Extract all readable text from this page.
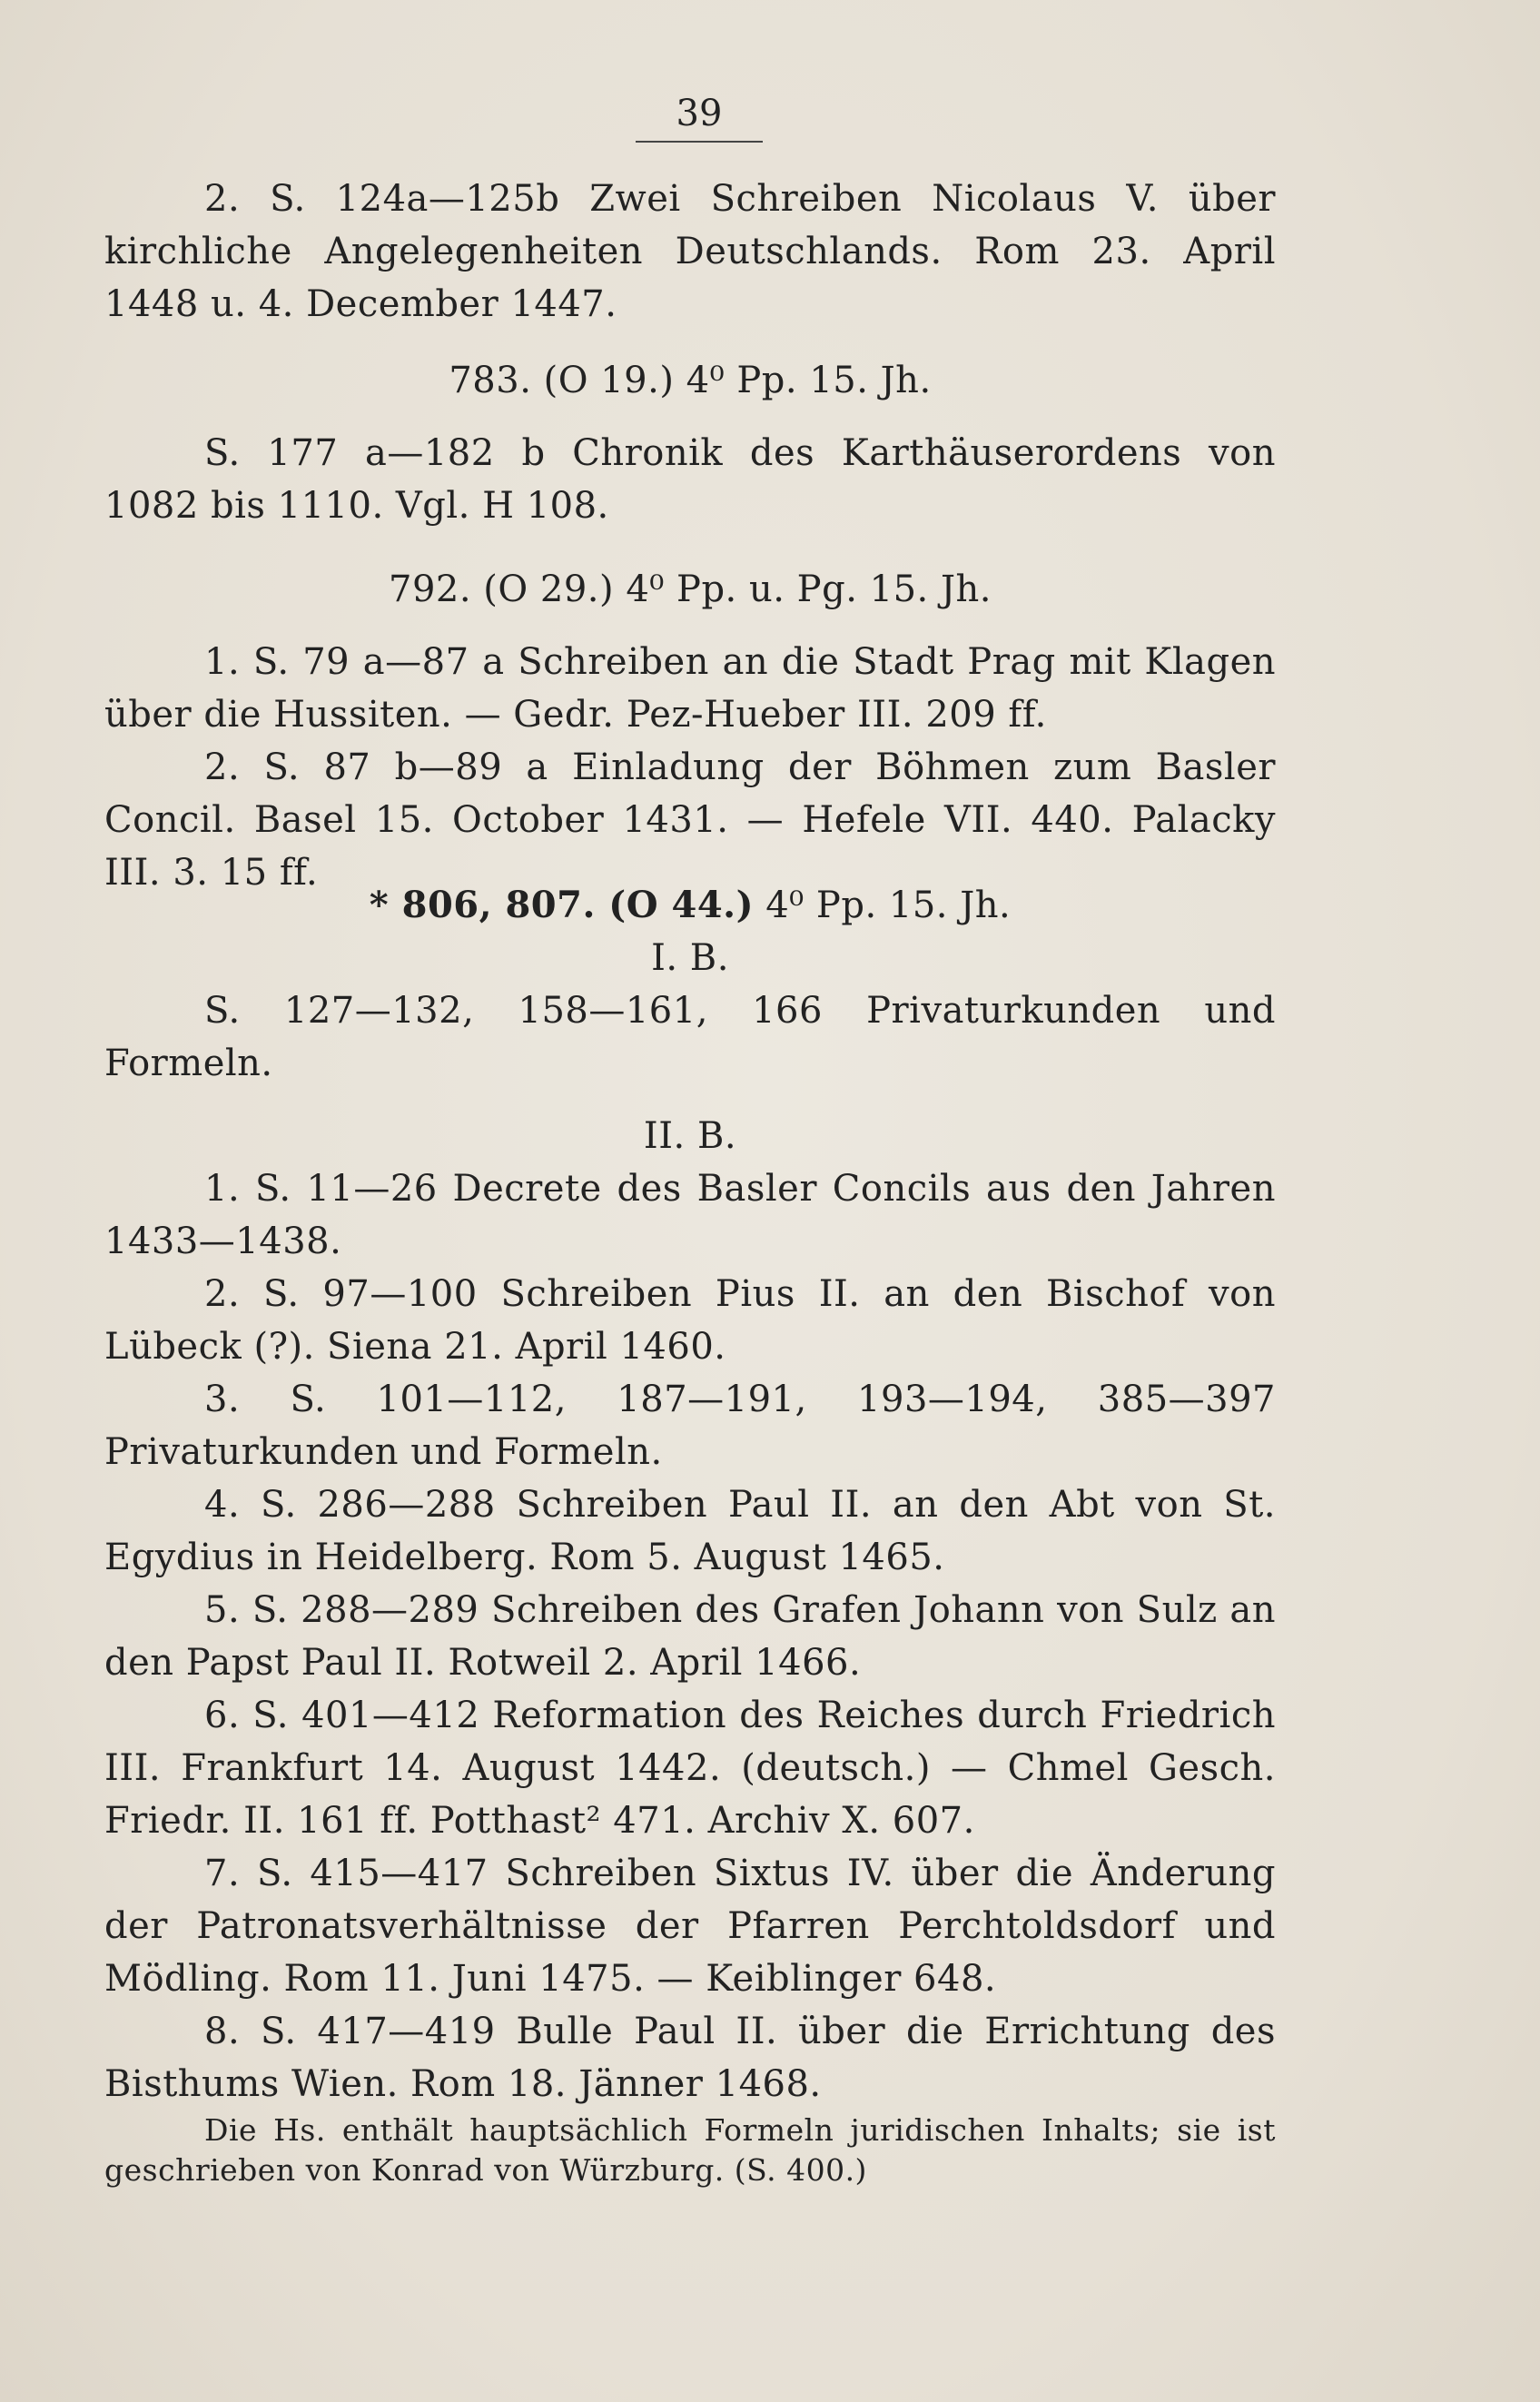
39

2. S. 124a—125b Zwei Schreiben Nicolaus V. über kirchliche Angelegenheiten Deutschlands. Rom 23. April 1448 u. 4. December 1447.

783. (O 19.) 4⁰ Pp. 15. Jh.

S. 177 a—182 b Chronik des Karthäuserordens von 1082 bis 1110. Vgl. H 108.

792. (O 29.) 4⁰ Pp. u. Pg. 15. Jh.

1. S. 79 a—87 a Schreiben an die Stadt Prag mit Klagen über die Hussiten. — Gedr. Pez-Hueber III. 209 ff.

2. S. 87 b—89 a Einladung der Böhmen zum Basler Concil. Basel 15. October 1431. — Hefele VII. 440. Palacky III. 3. 15 ff.

* 806, 807. (O 44.) 4⁰ Pp. 15. Jh.

I. B.

S. 127—132, 158—161, 166 Privaturkunden und Formeln.

II. B.

1. S. 11—26 Decrete des Basler Concils aus den Jahren 1433—1438.

2. S. 97—100 Schreiben Pius II. an den Bischof von Lübeck (?). Siena 21. April 1460.

3. S. 101—112, 187—191, 193—194, 385—397 Privaturkunden und Formeln.

4. S. 286—288 Schreiben Paul II. an den Abt von St. Egydius in Heidelberg. Rom 5. August 1465.

5. S. 288—289 Schreiben des Grafen Johann von Sulz an den Papst Paul II. Rotweil 2. April 1466.

6. S. 401—412 Reformation des Reiches durch Friedrich III. Frankfurt 14. August 1442. (deutsch.) — Chmel Gesch. Friedr. II. 161 ff. Potthast² 471. Archiv X. 607.

7. S. 415—417 Schreiben Sixtus IV. über die Änderung der Patronatsverhältnisse der Pfarren Perchtoldsdorf und Mödling. Rom 11. Juni 1475. — Keiblinger 648.

8. S. 417—419 Bulle Paul II. über die Errichtung des Bisthums Wien. Rom 18. Jänner 1468.

Die Hs. enthält hauptsächlich Formeln juridischen Inhalts; sie ist geschrieben von Konrad von Würzburg. (S. 400.)
